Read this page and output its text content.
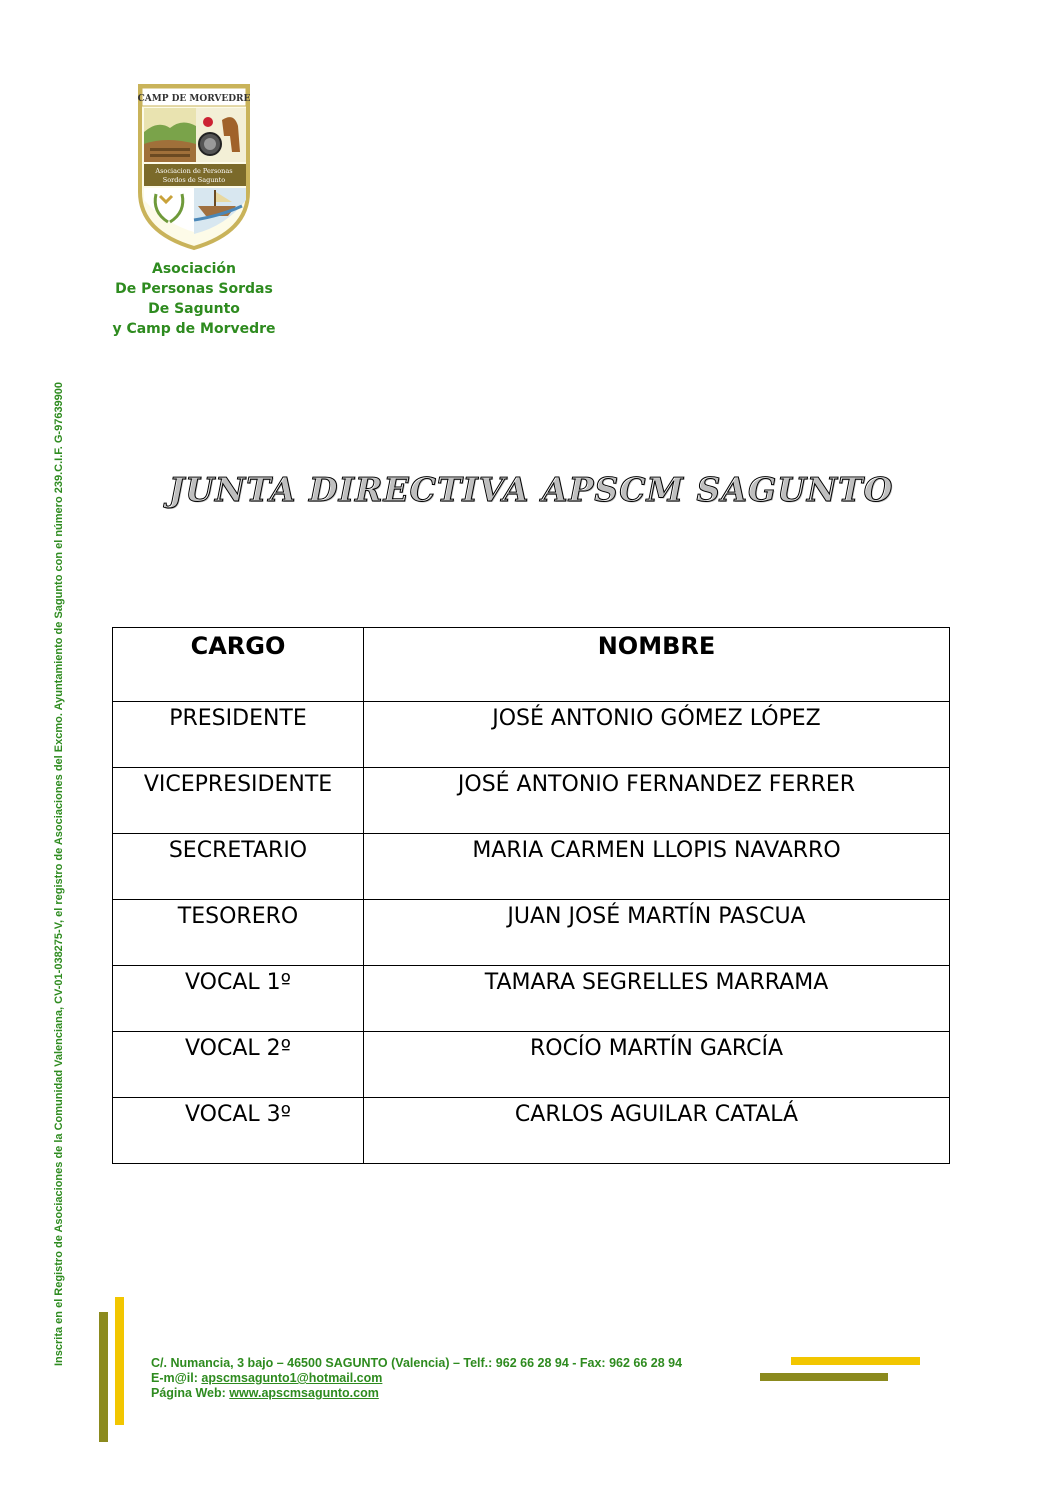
CAMP DE MORVEDRE
Asociacion de Personas
Sordos de Sagunto
Asociación
De Personas Sordas
De Sagunto
y Camp de Morvedre
Inscrita en el Registro de Asociaciones de la Comunidad Valenciana, CV-01-038275-V, el registro de Asociaciones del Excmo. Ayuntamiento de Sagunto con el número 239.C.I.F. G-97639900	JUNTA DIRECTIVA APSCM SAGUNTO
CARGO	NOMBRE
PRESIDENTE	JOSÉ ANTONIO GÓMEZ LÓPEZ
VICEPRESIDENTE	JOSÉ ANTONIO FERNANDEZ FERRER
SECRETARIO	MARIA CARMEN LLOPIS NAVARRO
TESORERO	JUAN JOSÉ MARTÍN PASCUA
VOCAL 1º	TAMARA SEGRELLES MARRAMA
VOCAL 2º	ROCÍO MARTÍN GARCÍA
VOCAL 3º	CARLOS AGUILAR CATALÁ
C/. Numancia, 3 bajo – 46500 SAGUNTO (Valencia) – Telf.: 962 66 28 94 - Fax: 962 66 28 94
E-m@il: apscmsagunto1@hotmail.com
Página Web: www.apscmsagunto.com
